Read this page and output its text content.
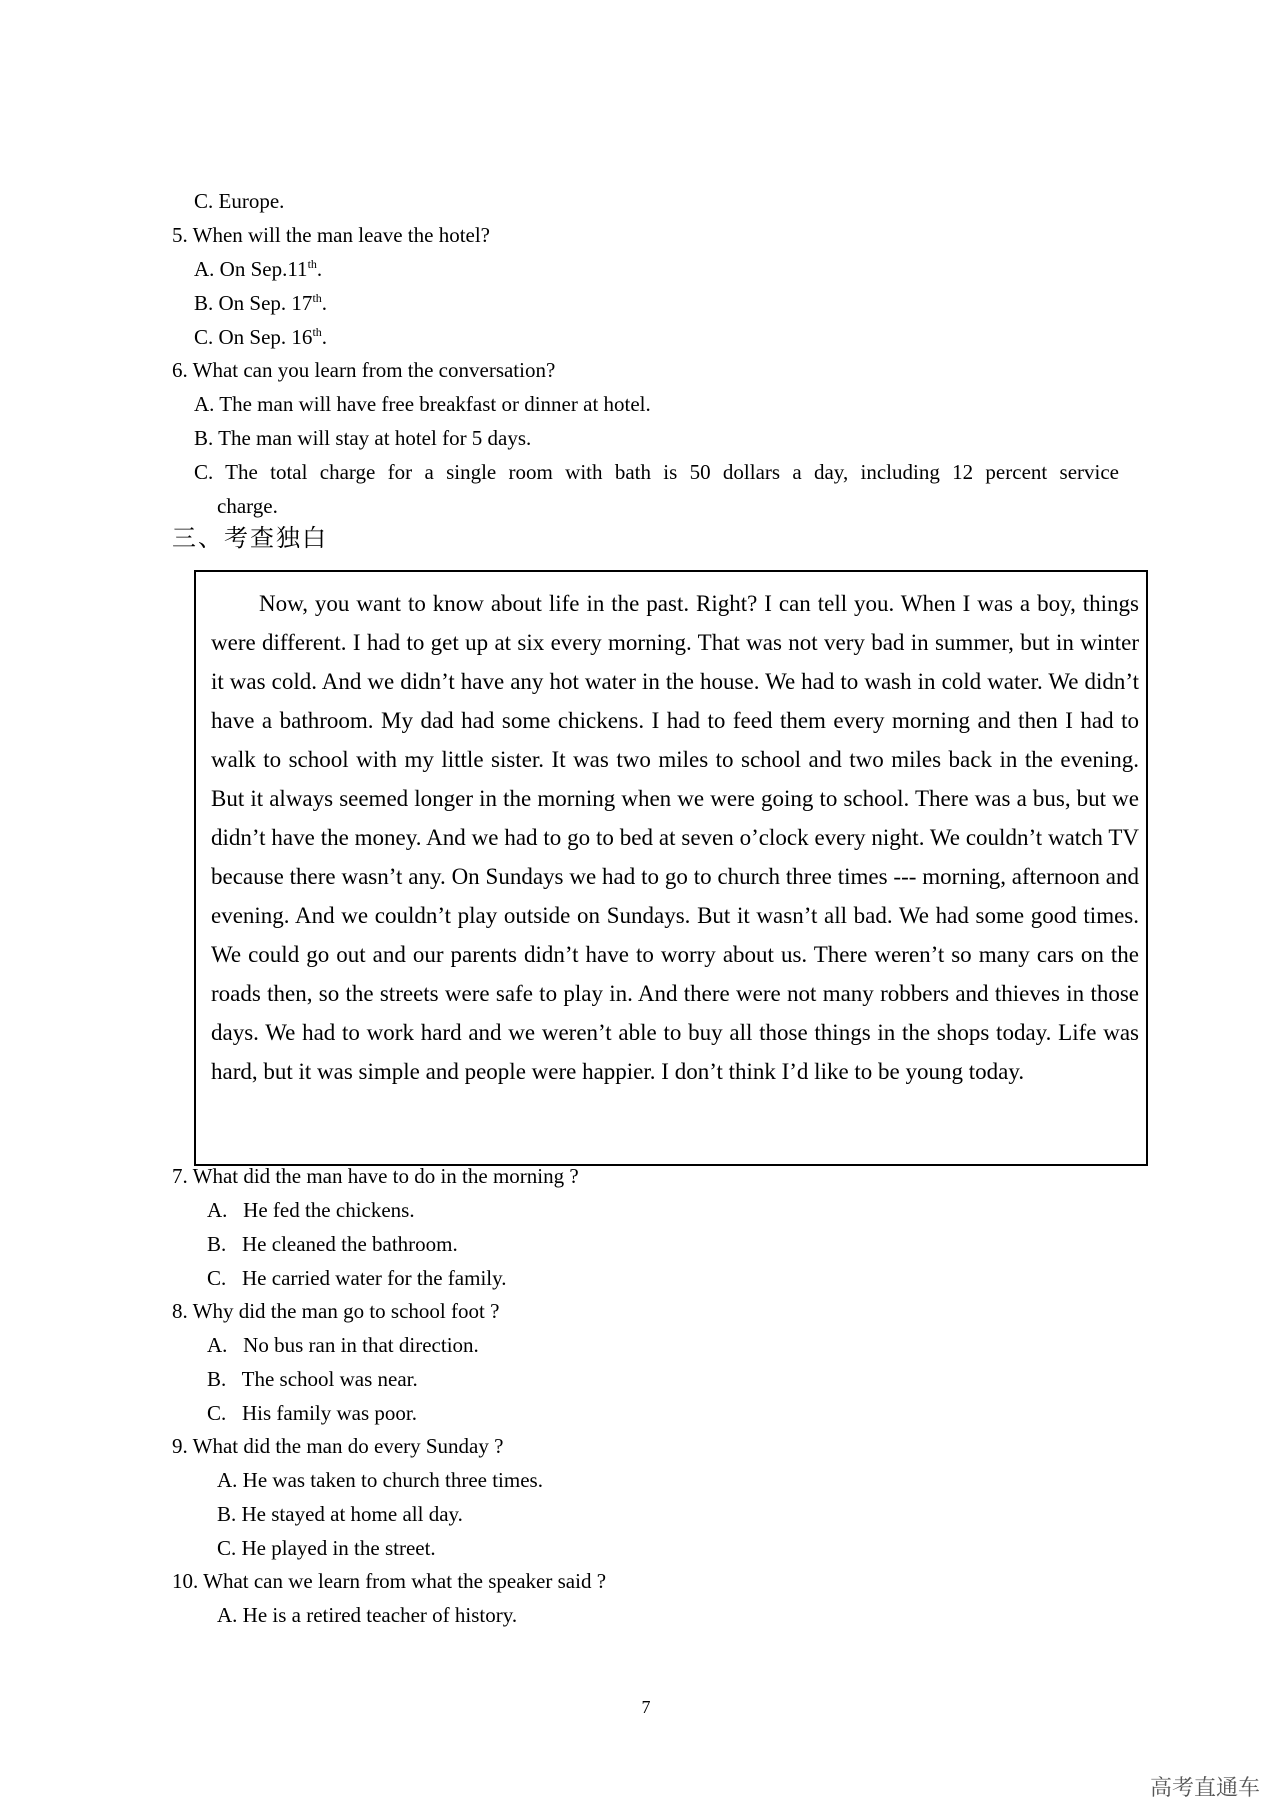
C. Europe.
5. When will the man leave the hotel?
A. On Sep.11th.
B. On Sep. 17th.
C. On Sep. 16th.
6. What can you learn from the conversation?
A. The man will have free breakfast or dinner at hotel.
B. The man will stay at hotel for 5 days.
C. The total charge for a single room with bath is 50 dollars a day, including 12 percent service
charge.
三、考查独白

Now, you want to know about life in the past. Right? I can tell you. When I was a boy, things were different. I had to get up at six every morning. That was not very bad in summer, but in winter it was cold. And we didn’t have any hot water in the house. We had to wash in cold water. We didn’t have a bathroom. My dad had some chickens. I had to feed them every morning and then I had to walk to school with my little sister. It was two miles to school and two miles back in the evening. But it always seemed longer in the morning when we were going to school. There was a bus, but we didn’t have the money. And we had to go to bed at seven o’clock every night. We couldn’t watch TV because there wasn’t any. On Sundays we had to go to church three times --- morning, afternoon and evening. And we couldn’t play outside on Sundays. But it wasn’t all bad. We had some good times. We could go out and our parents didn’t have to worry about us. There weren’t so many cars on the roads then, so the streets were safe to play in. And there were not many robbers and thieves in those days. We had to work hard and we weren’t able to buy all those things in the shops today. Life was hard, but it was simple and people were happier. I don’t think I’d like to be young today.

7. What did the man have to do in the morning ?
A.   He fed the chickens.
B.   He cleaned the bathroom.
C.   He carried water for the family.
8. Why did the man go to school foot ?
A.   No bus ran in that direction.
B.   The school was near.
C.   His family was poor.
9. What did the man do every Sunday ?
A. He was taken to church three times.
B. He stayed at home all day.
C. He played in the street.
10. What can we learn from what the speaker said ?
A. He is a retired teacher of history.
7
高考直通车
